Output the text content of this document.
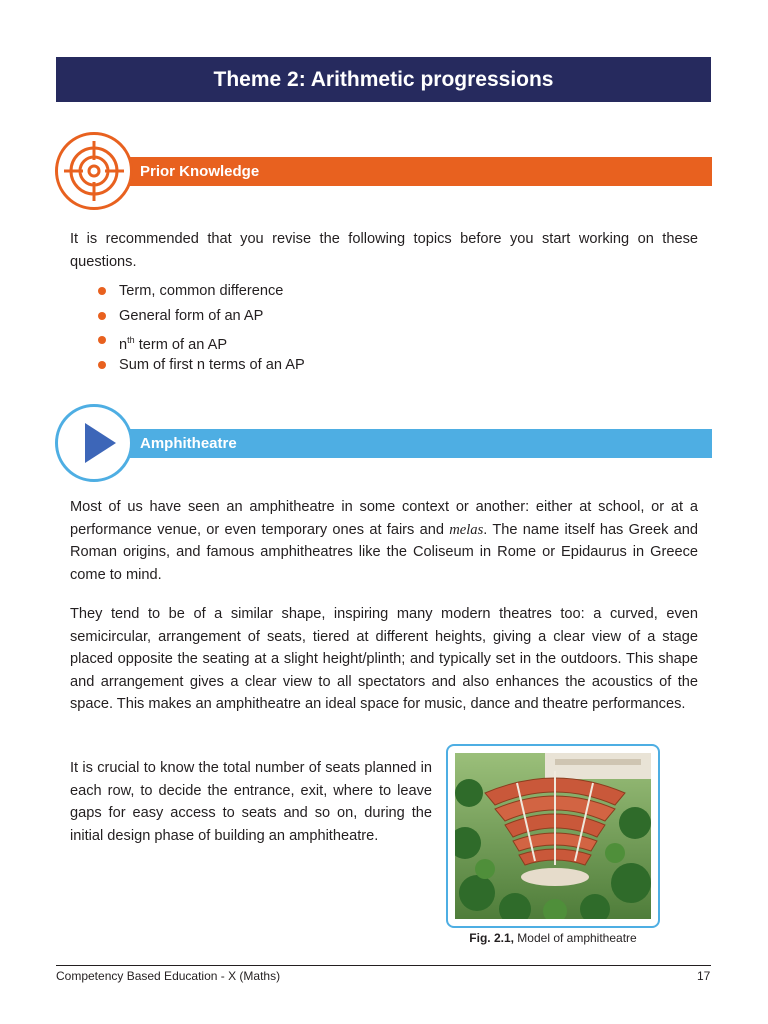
Theme 2: Arithmetic progressions
Prior Knowledge
It is recommended that you revise the following topics before you start working on these questions.
Term, common difference
General form of an AP
$n^{th}$ term of an AP
Sum of first n terms of an AP
Amphitheatre
Most of us have seen an amphitheatre in some context or another: either at school, or at a performance venue, or even temporary ones at fairs and melas. The name itself has Greek and Roman origins, and famous amphitheatres like the Coliseum in Rome or Epidaurus in Greece come to mind.
They tend to be of a similar shape, inspiring many modern theatres too: a curved, even semicircular, arrangement of seats, tiered at different heights, giving a clear view of a stage placed opposite the seating at a slight height/plinth; and typically set in the outdoors. This shape and arrangement gives a clear view to all spectators and also enhances the acoustics of the space. This makes an amphitheatre an ideal space for music, dance and theatre performances.
It is crucial to know the total number of seats planned in each row, to decide the entrance, exit, where to leave gaps for easy access to seats and so on, during the initial design phase of building an amphitheatre.
Fig. 2.1, Model of amphitheatre
Competency Based Education - X (Maths)	17
